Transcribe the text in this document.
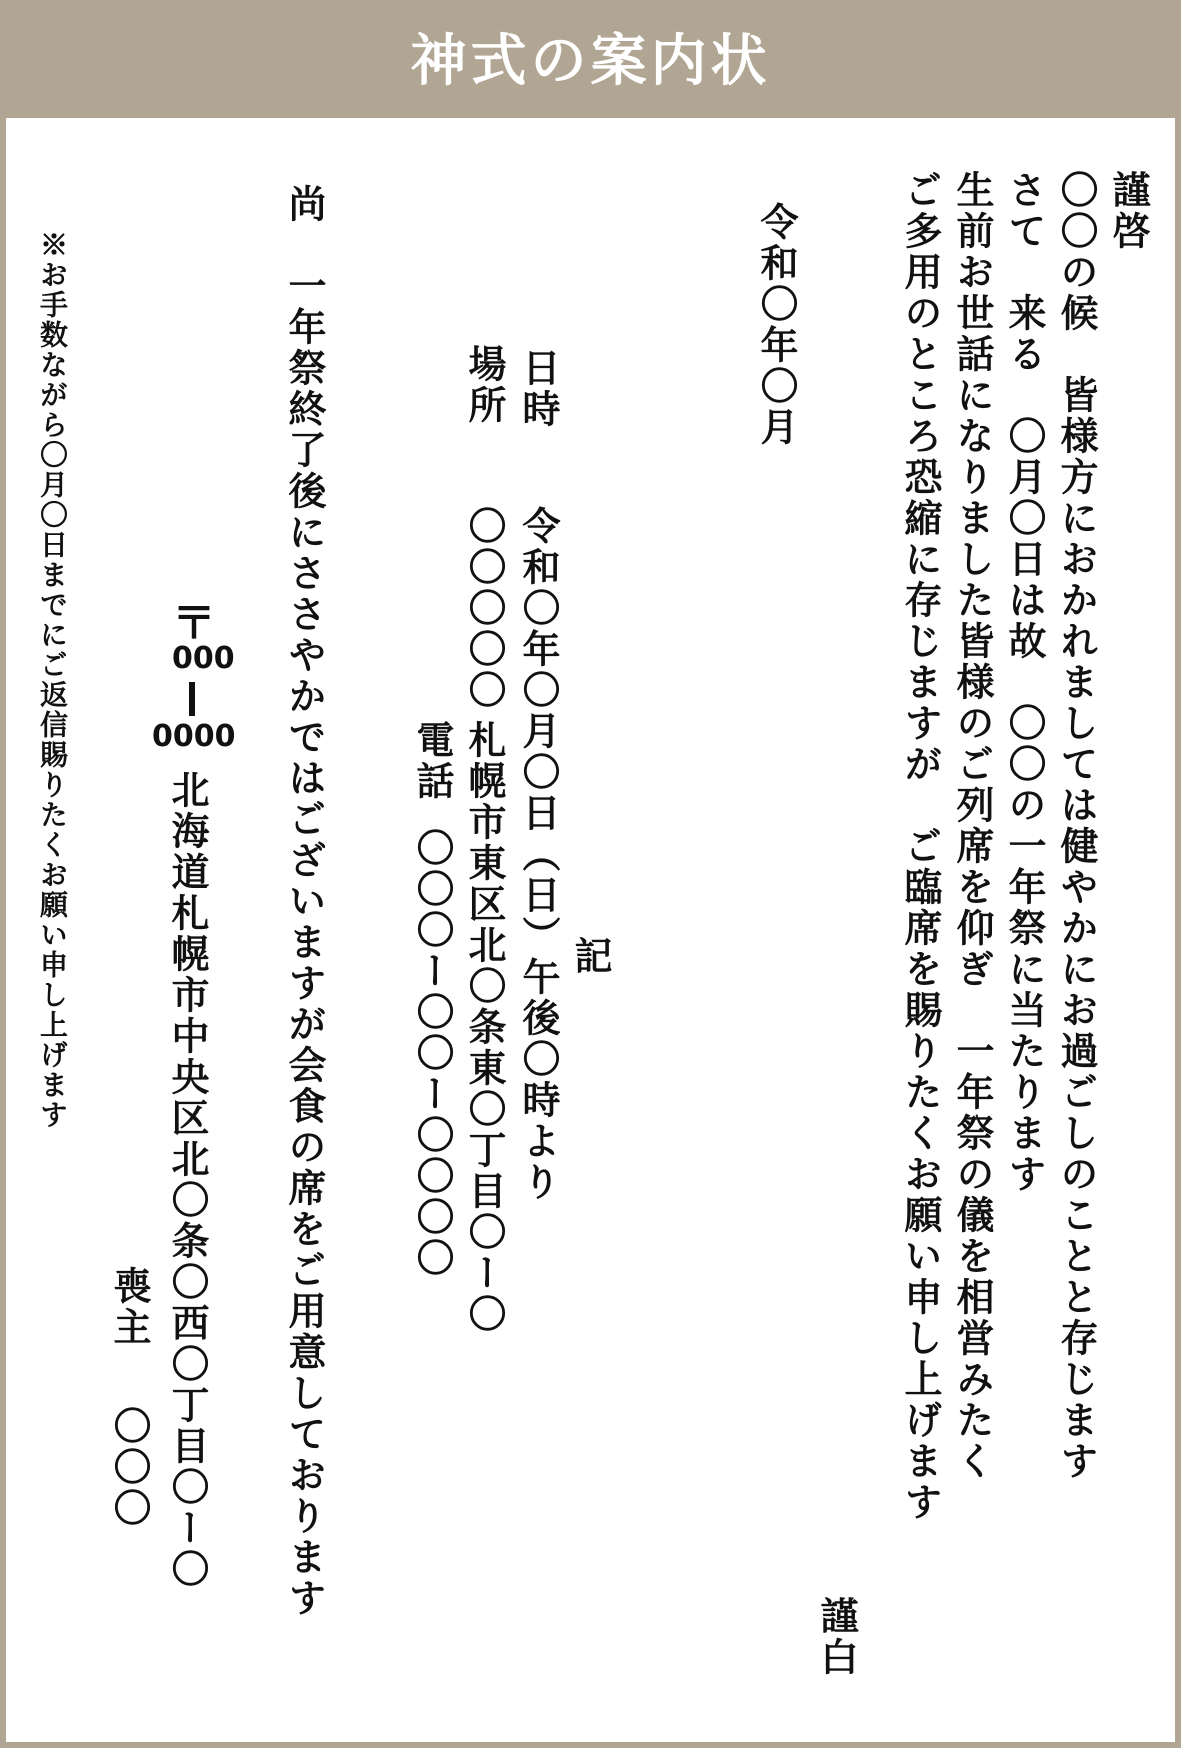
神式の案内状
謹啓
〇〇の候　皆様方におかれましては健やかにお過ごしのことと存じます
さて　来る　〇月〇日は故　〇〇の一年祭に当たります
生前お世話になりました皆様のご列席を仰ぎ　一年祭の儀を相営みたく
ご多用のところ恐縮に存じますが　ご臨席を賜りたくお願い申し上げます
令和〇年〇月
謹白
記
日時
令和〇年〇月〇日（日）午後〇時より
場所
〇〇〇〇〇
札幌市東区北〇条東〇丁目〇ー〇
電話
〇〇〇ー〇〇ー〇〇〇〇
尚
一年祭終了後にささやかではございますが会食の席をご用意しております
〒
000
0000
北海道札幌市中央区北〇条〇西〇丁目〇ー〇
喪主
〇〇〇
※お手数ながら〇月〇日までにご返信賜りたくお願い申し上げます
